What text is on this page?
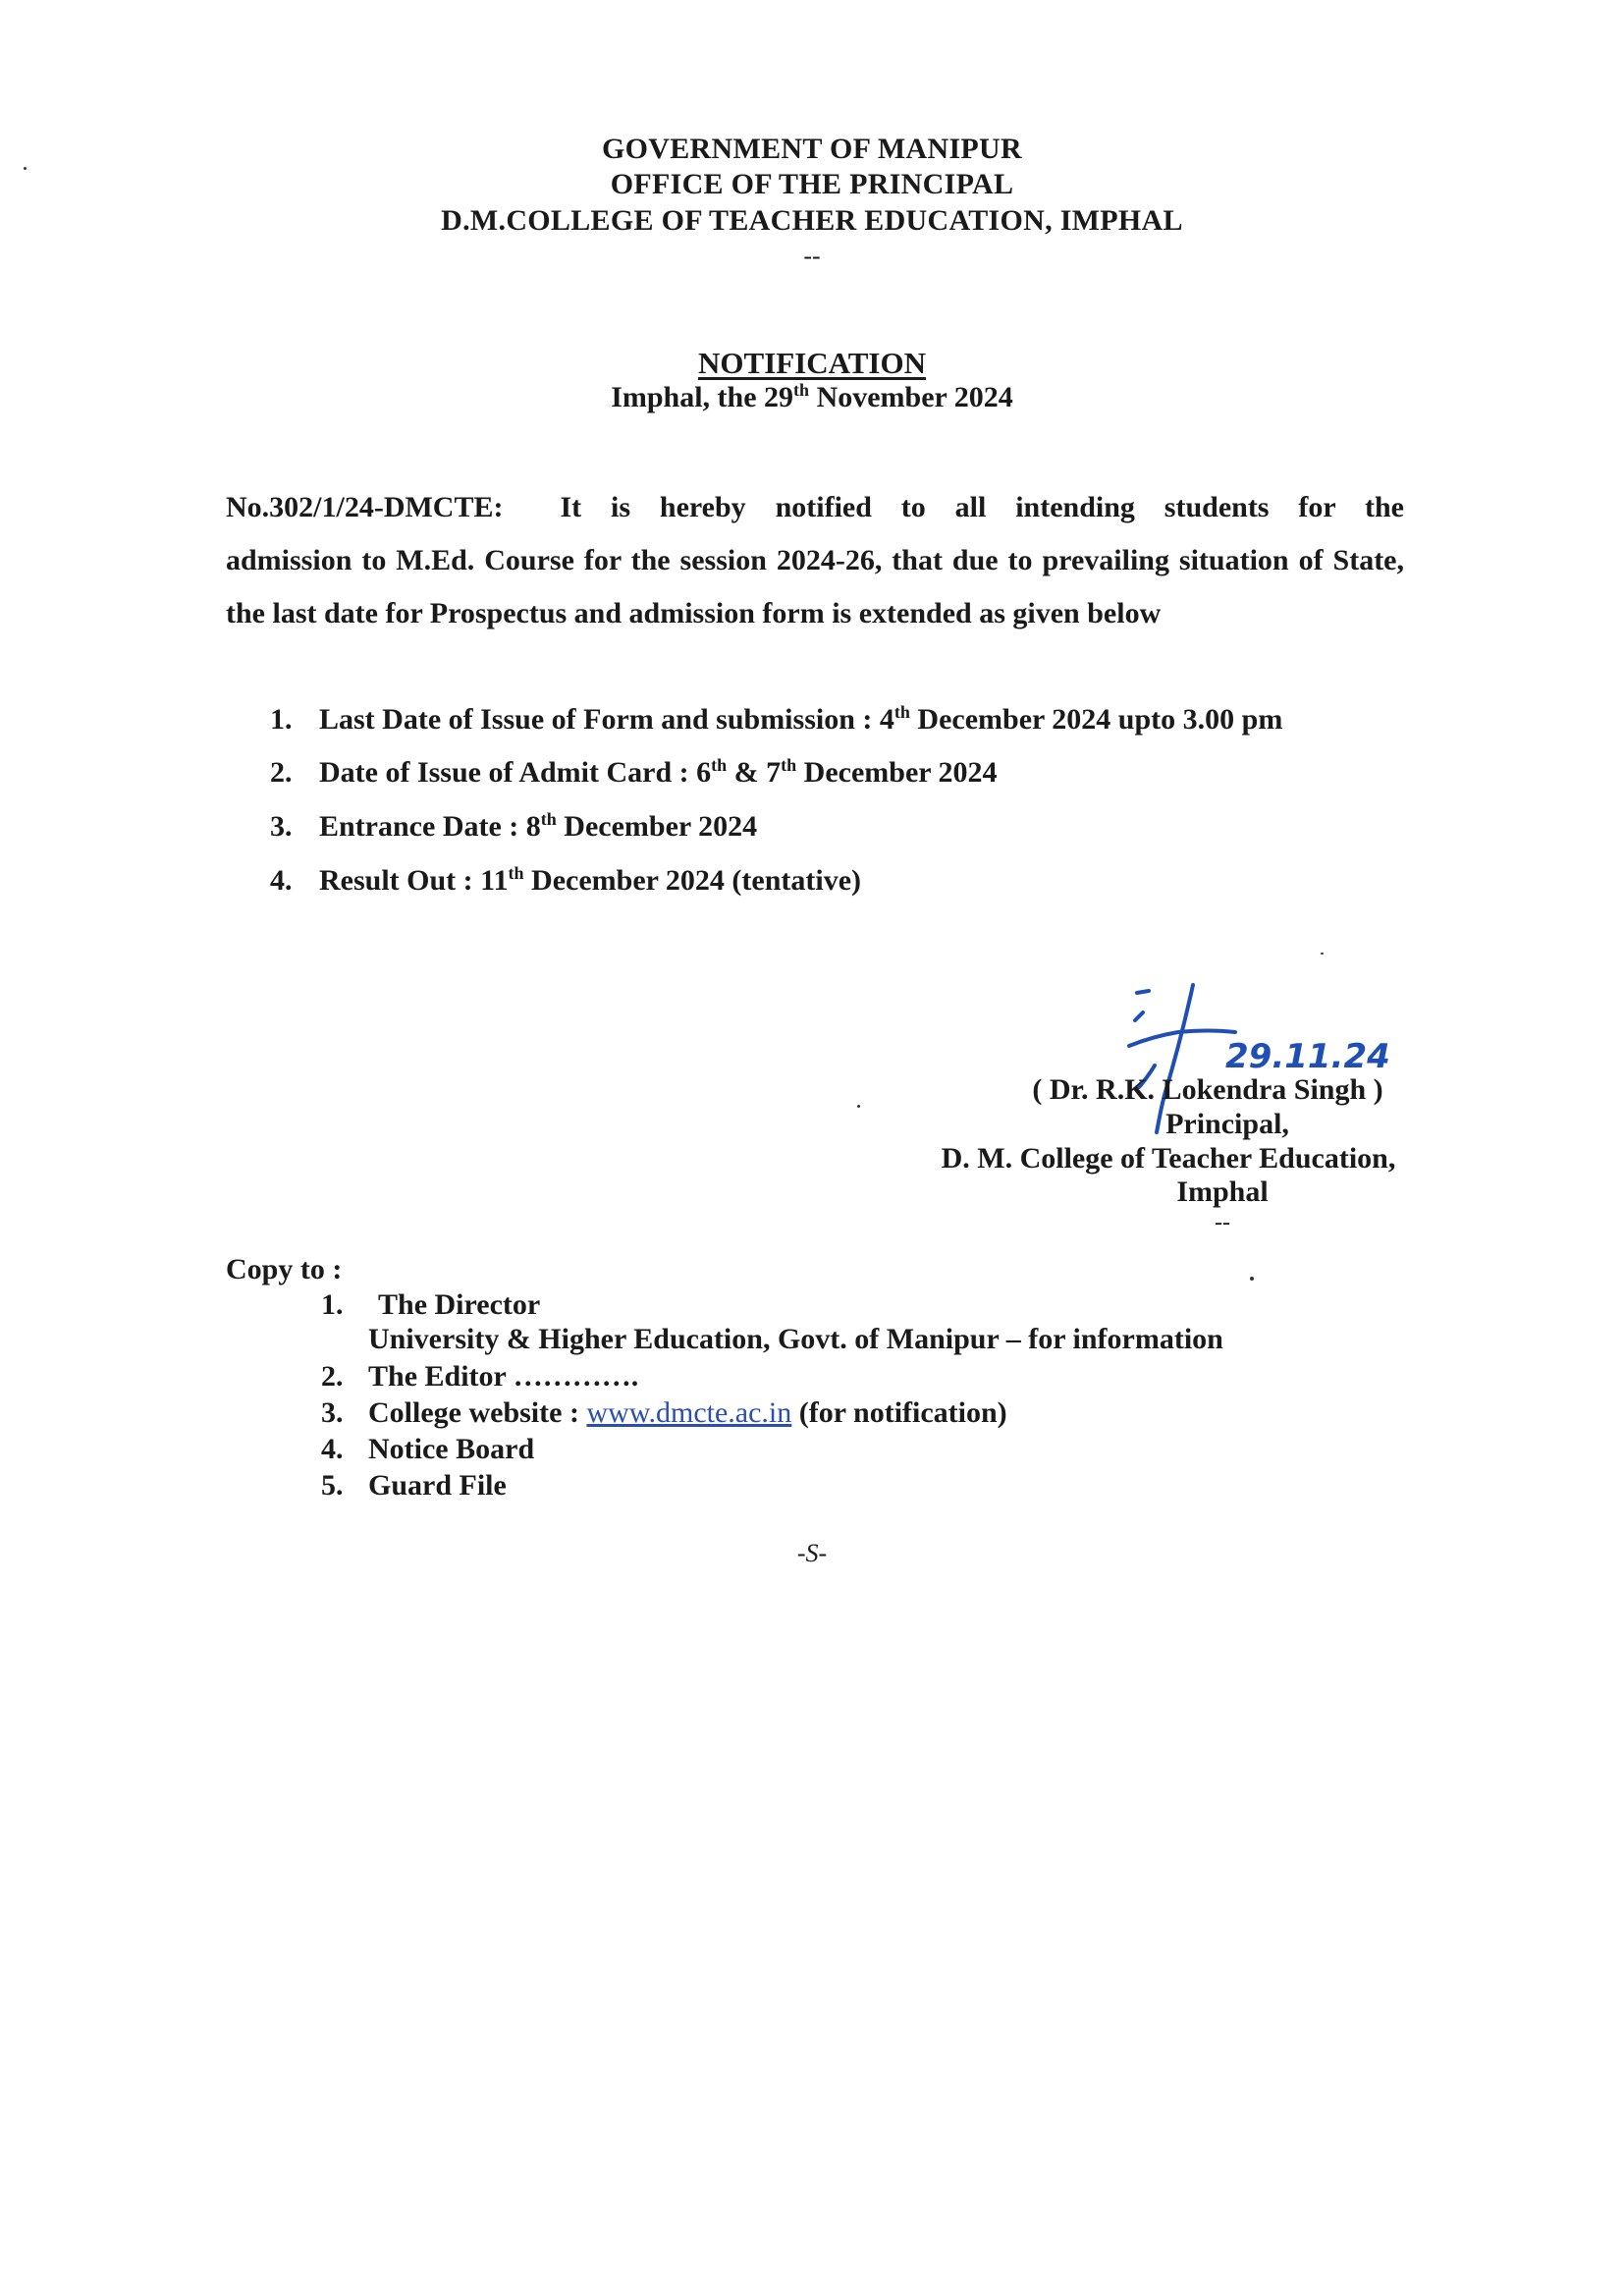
GOVERNMENT OF MANIPUR
OFFICE OF THE PRINCIPAL
D.M.COLLEGE OF TEACHER EDUCATION, IMPHAL
--
NOTIFICATION
Imphal, the 29th November 2024
No.302/1/24-DMCTE: It is hereby notified to all intending students for the
admission to M.Ed. Course for the session 2024-26, that due to prevailing situation of State, the last date for Prospectus and admission form is extended as given below
1. Last Date of Issue of Form and submission : 4th December 2024 upto 3.00 pm
2. Date of Issue of Admit Card : 6th & 7th December 2024
3. Entrance Date : 8th December 2024
4. Result Out : 11th December 2024 (tentative)
29.11.24
( Dr. R.K. Lokendra Singh )
Principal,
D. M. College of Teacher Education,
Imphal
--
Copy to :
1. The Director
University & Higher Education, Govt. of Manipur – for information
2. The Editor ………….
3. College website : www.dmcte.ac.in (for notification)
4. Notice Board
5. Guard File
-S-
